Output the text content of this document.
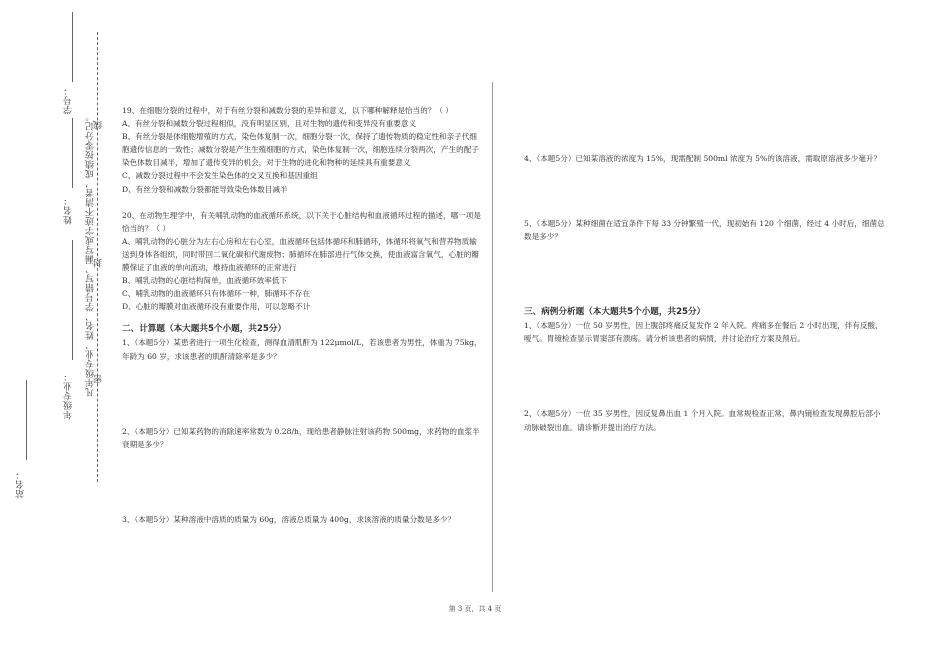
学号：
凡年级专业、姓名、学号错写、漏写或字迹不清者，成绩按零分记。
线
姓名：
封
年级专业： 密
站名：

19、在细胞分裂的过程中，对于有丝分裂和减数分裂的差异和意义，以下哪种解释是恰当的？（ ）

A、有丝分裂和减数分裂过程相似，没有明显区别，且对生物的遗传和变异没有重要意义

B、有丝分裂是体细胞增殖的方式，染色体复制一次，细胞分裂一次，保持了遗传物质的稳定性和亲子代细胞遗传信息的一致性；减数分裂是产生生殖细胞的方式，染色体复制一次，细胞连续分裂两次，产生的配子染色体数目减半，增加了遗传变异的机会，对于生物的进化和物种的延续具有重要意义

C、减数分裂过程中不会发生染色体的交叉互换和基因重组

D、有丝分裂和减数分裂都能导致染色体数目减半

20、在动物生理学中，有关哺乳动物的血液循环系统，以下关于心脏结构和血液循环过程的描述，哪一项是恰当的？（ ）

A、哺乳动物的心脏分为左右心房和左右心室，血液循环包括体循环和肺循环，体循环将氧气和营养物质输送到身体各组织，同时带回二氧化碳和代谢废物；肺循环在肺部进行气体交换，使血液富含氧气，心脏的瓣膜保证了血液的单向流动，维持血液循环的正常进行

B、哺乳动物的心脏结构简单，血液循环效率低下

C、哺乳动物的血液循环只有体循环一种，肺循环不存在

D、心脏的瓣膜对血液循环没有重要作用，可以忽略不计

二、计算题（本大题共5个小题，共25分）

1、（本题5分）某患者进行一项生化检查，测得血清肌酐为 122μmol/L，若该患者为男性，体重为 75kg，年龄为 60 岁，求该患者的肌酐清除率是多少？

2、（本题5分）已知某药物的消除速率常数为 0.28/h，现给患者静脉注射该药物 500mg，求药物的血浆半衰期是多少？

3、（本题5分）某种溶液中溶质的质量为 60g，溶液总质量为 400g，求该溶液的质量分数是多少？

4、（本题5分）已知某溶液的浓度为 15%，现需配制 500ml 浓度为 5%的该溶液，需取原溶液多少毫升？

5、（本题5分）某种细菌在适宜条件下每 33 分钟繁殖一代，现初始有 120 个细菌，经过 4 小时后，细菌总数是多少？

三、病例分析题（本大题共5个小题，共25分）

1、（本题5分）一位 50 岁男性，因上腹部疼痛反复发作 2 年入院。疼痛多在餐后 2 小时出现，伴有反酸、嗳气。胃镜检查显示胃窦部有溃疡。请分析该患者的病情，并讨论治疗方案及预后。

2、（本题5分）一位 35 岁男性，因反复鼻出血 1 个月入院。血常规检查正常，鼻内镜检查发现鼻腔后部小动脉破裂出血。请诊断并提出治疗方法。

第 3 页，共 4 页
